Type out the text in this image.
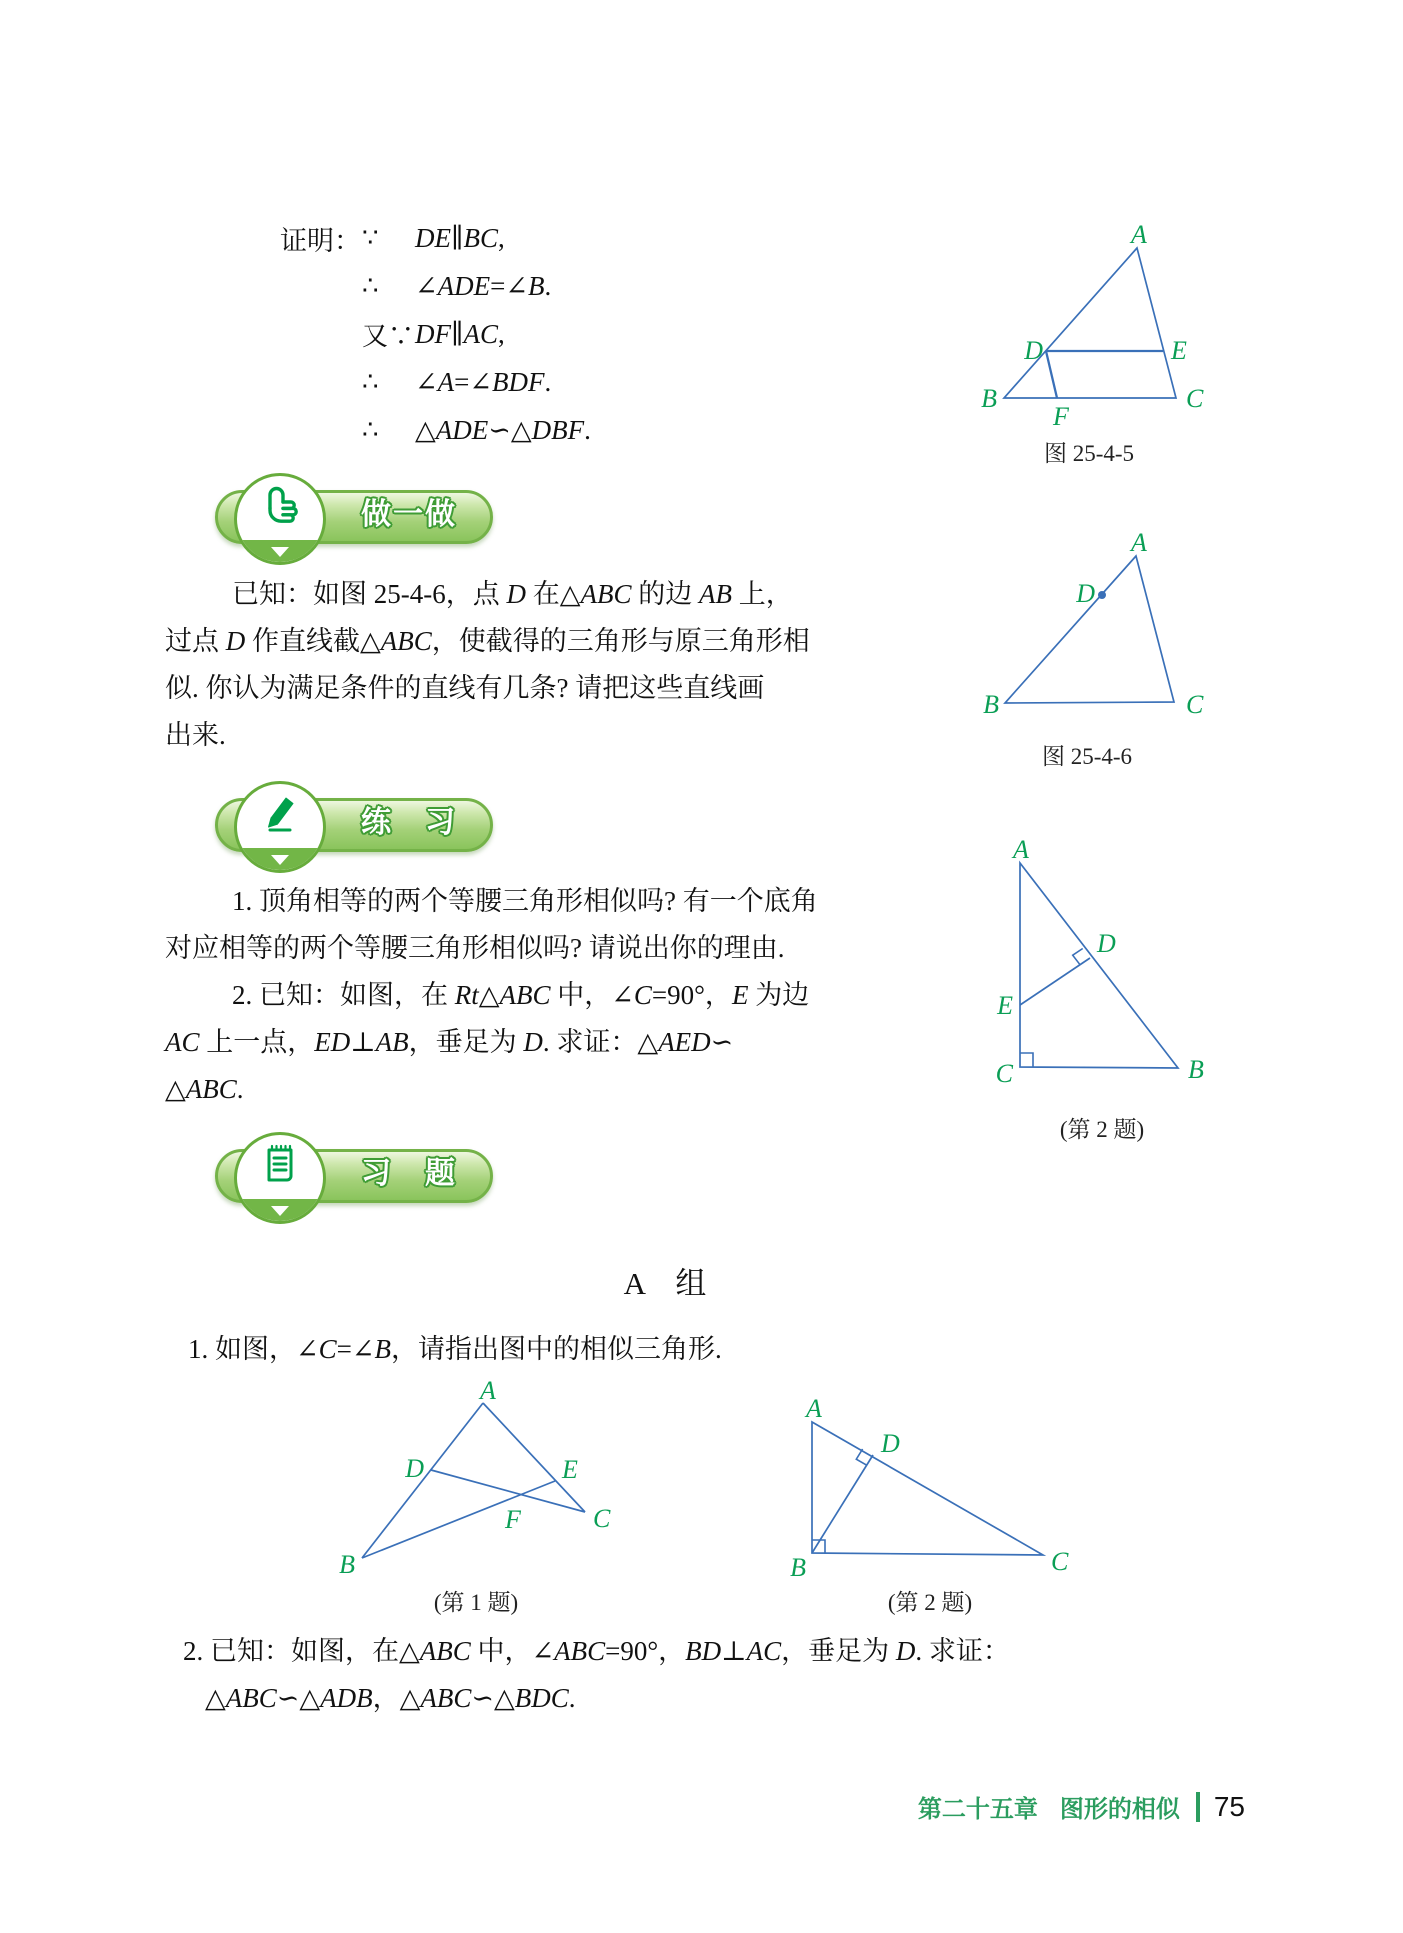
证明： ∵	DE∥BC,
∴	∠ADE=∠B.
又∵ DF∥AC,
∴	∠A=∠BDF.
∴	△ADE∽△DBF.
A
B	C
D	E
F
图 25-4-5
做一做
已知：如图 25-4-6，点 D 在△ABC 的边 AB 上，
过点 D 作直线截△ABC，使截得的三角形与原三角形相
似. 你认为满足条件的直线有几条? 请把这些直线画
出来.
A
B	C
D
图 25-4-6
练　习
1. 顶角相等的两个等腰三角形相似吗? 有一个底角
对应相等的两个等腰三角形相似吗? 请说出你的理由.
2. 已知：如图，在 Rt△ABC 中，∠C=90°，E 为边
AC 上一点，ED⊥AB，垂足为 D. 求证：△AED∽
△ABC.
A
D
E
C	B
(第 2 题)
习　题
A　组
1. 如图，∠C=∠B，请指出图中的相似三角形.
A
D	E
F	C
B
(第 1 题)
A
D
B	C
(第 2 题)
2. 已知：如图，在△ABC 中，∠ABC=90°，BD⊥AC，垂足为 D. 求证：
△ABC∽△ADB，△ABC∽△BDC.
第二十五章 图形的相似 75
